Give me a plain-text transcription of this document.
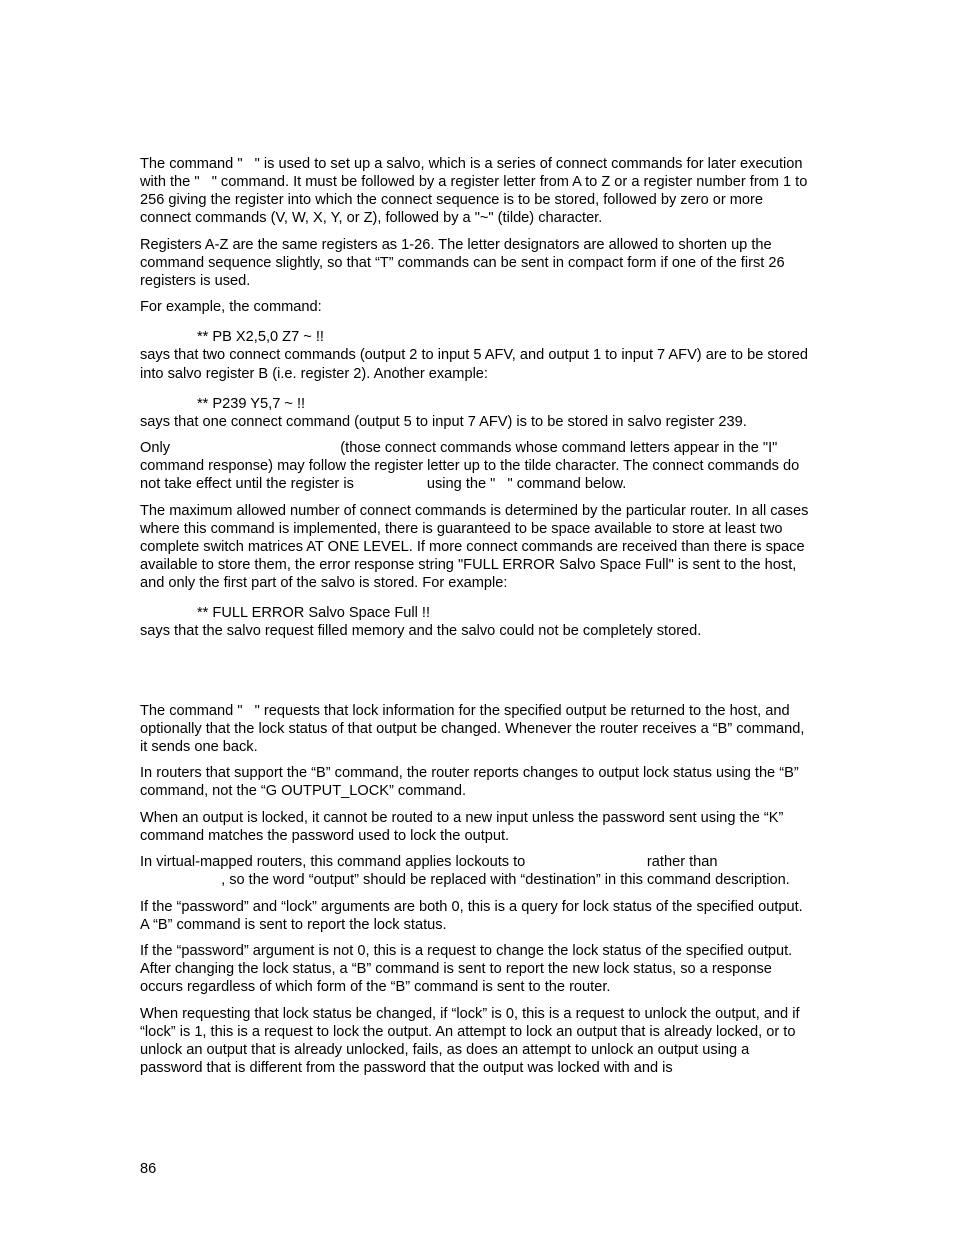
The command "   " is used to set up a salvo, which is a series of connect commands for later execution with the "   " command. It must be followed by a register letter from A to Z or a register number from 1 to 256 giving the register into which the connect sequence is to be stored, followed by zero or more connect commands (V, W, X, Y, or Z), followed by a "~" (tilde) character.
Registers A-Z are the same registers as 1-26. The letter designators are allowed to shorten up the command sequence slightly, so that “T” commands can be sent in compact form if one of the first 26 registers is used.
For example, the command:
** PB X2,5,0 Z7 ~ !!
says that two connect commands (output 2 to input 5 AFV, and output 1 to input 7 AFV) are to be stored into salvo register B (i.e. register 2). Another example:
** P239 Y5,7 ~ !!
says that one connect command (output 5 to input 7 AFV) is to be stored in salvo register 239.
Only                                          (those connect commands whose command letters appear in the "I" command response) may follow the register letter up to the tilde character. The connect commands do not take effect until the register is                  using the "   " command below.
The maximum allowed number of connect commands is determined by the particular router. In all cases where this command is implemented, there is guaranteed to be space available to store at least two complete switch matrices AT ONE LEVEL. If more connect commands are received than there is space available to store them, the error response string "FULL ERROR Salvo Space Full" is sent to the host, and only the first part of the salvo is stored. For example:
** FULL ERROR Salvo Space Full !!
says that the salvo request filled memory and the salvo could not be completely stored.
The command "   " requests that lock information for the specified output be returned to the host, and optionally that the lock status of that output be changed. Whenever the router receives a “B” command, it sends one back.
In routers that support the “B” command, the router reports changes to output lock status using the “B” command, not the “G OUTPUT_LOCK” command.
When an output is locked, it cannot be routed to a new input unless the password sent using the “K” command matches the password used to lock the output.
In virtual-mapped routers, this command applies lockouts to                              rather than
, so the word “output” should be replaced with “destination” in this command description.
If the “password” and “lock” arguments are both 0, this is a query for lock status of the specified output. A “B” command is sent to report the lock status.
If the “password” argument is not 0, this is a request to change the lock status of the specified output. After changing the lock status, a “B” command is sent to report the new lock status, so a response occurs regardless of which form of the “B” command is sent to the router.
When requesting that lock status be changed, if “lock” is 0, this is a request to unlock the output, and if “lock” is 1, this is a request to lock the output. An attempt to lock an output that is already locked, or to unlock an output that is already unlocked, fails, as does an attempt to unlock an output using a password that is different from the password that the output was locked with and is
86
